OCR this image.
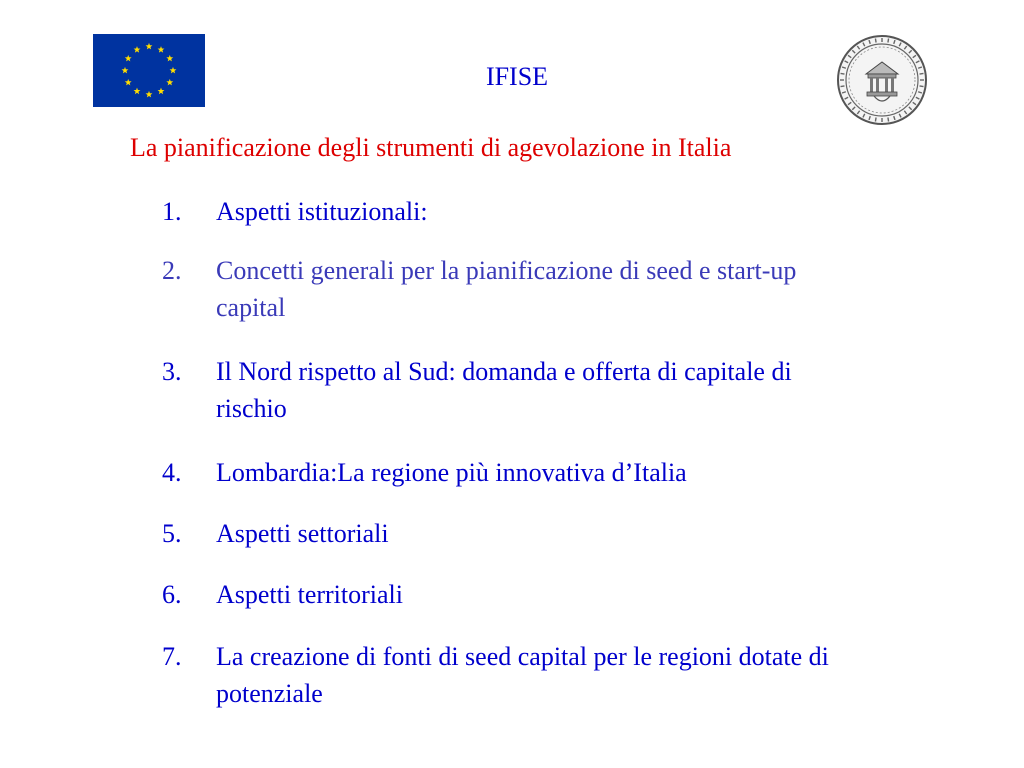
IFISE
La pianificazione degli strumenti di agevolazione in Italia
1. Aspetti istituzionali:
2. Concetti generali per la pianificazione di seed e start-up capital
3. Il Nord rispetto al Sud: domanda e offerta di capitale di rischio
4. Lombardia:La regione più innovativa d’Italia
5. Aspetti settoriali
6. Aspetti territoriali
7. La creazione di fonti di seed capital per le regioni dotate di potenziale
